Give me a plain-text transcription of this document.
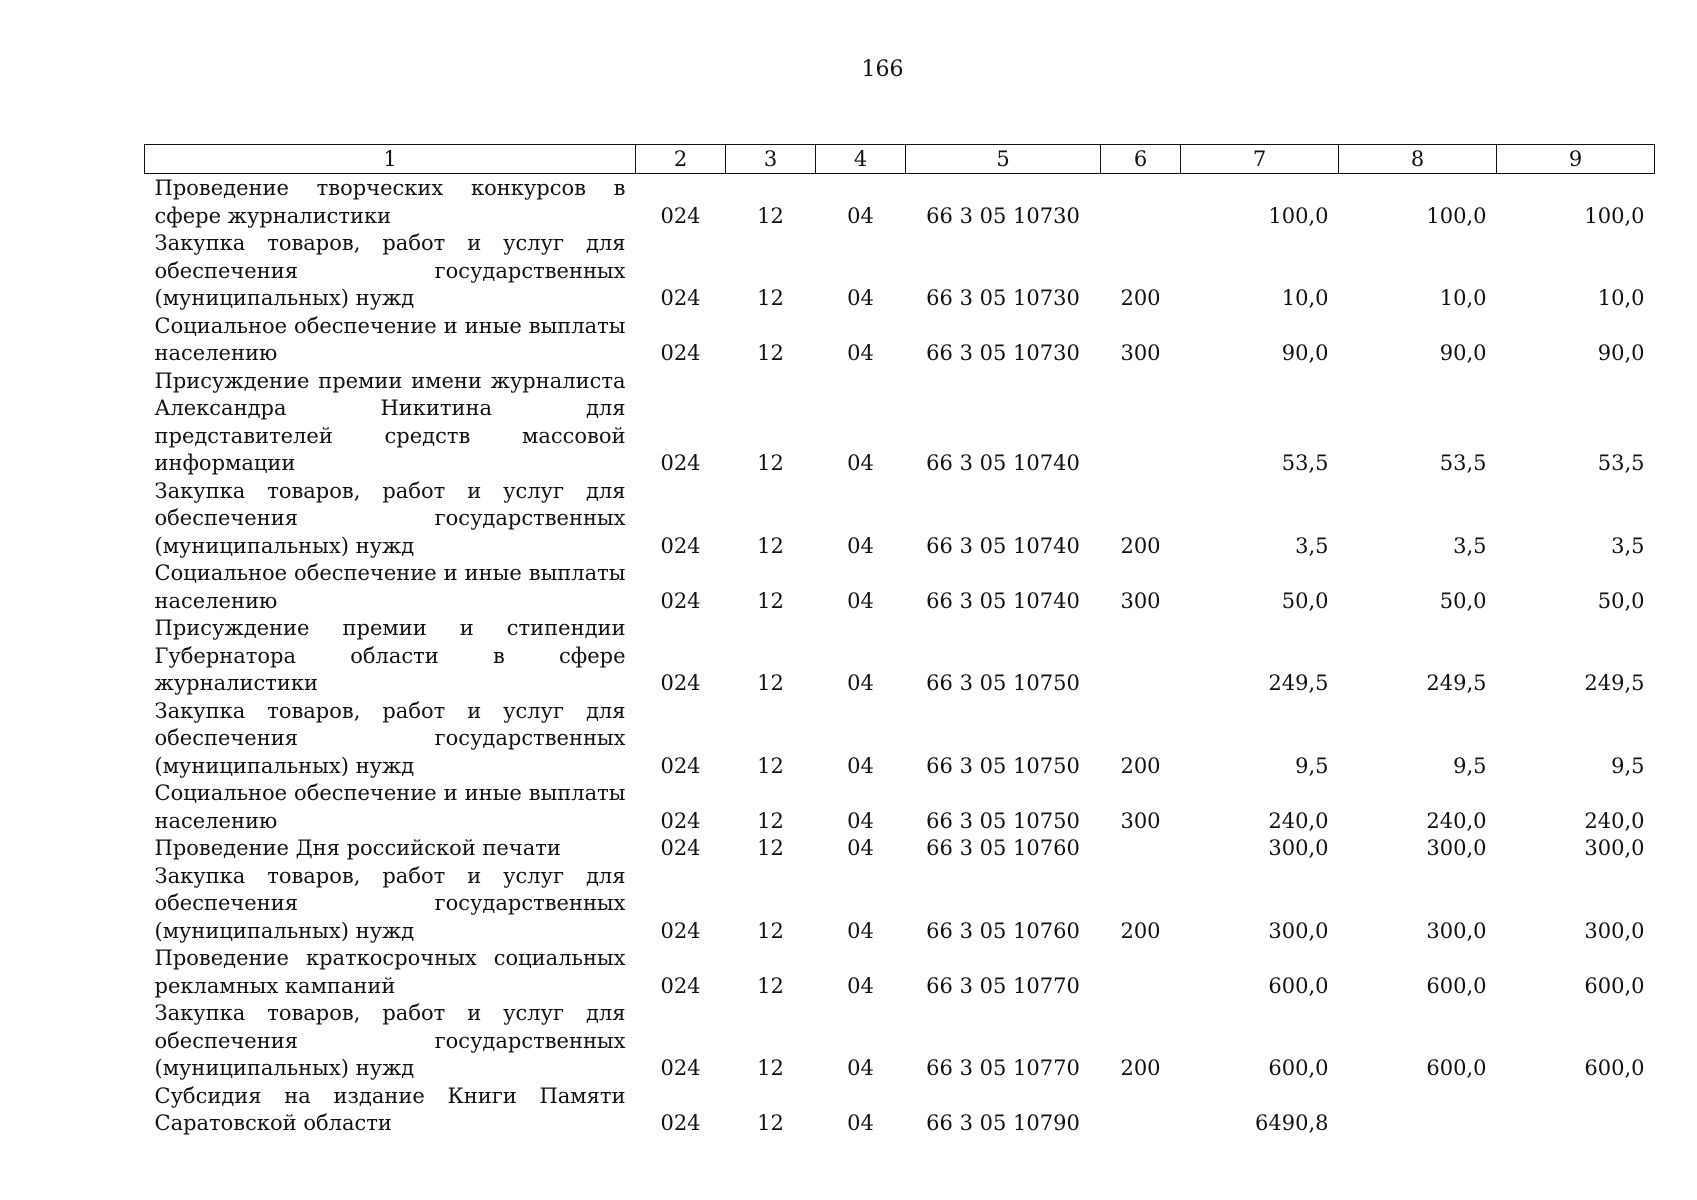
166
1	2	3	4	5	6	7	8	9
Проведение творческих конкурсов в сфере журналистики	024	12	04	66 3 05 10730		100,0	100,0	100,0
Закупка товаров, работ и услуг для обеспечения государственных (муниципальных) нужд	024	12	04	66 3 05 10730	200	10,0	10,0	10,0
Социальное обеспечение и иные выплаты населению	024	12	04	66 3 05 10730	300	90,0	90,0	90,0
Присуждение премии имени журналиста Александра Никитина для представителей средств массовой информации	024	12	04	66 3 05 10740		53,5	53,5	53,5
Закупка товаров, работ и услуг для обеспечения государственных (муниципальных) нужд	024	12	04	66 3 05 10740	200	3,5	3,5	3,5
Социальное обеспечение и иные выплаты населению	024	12	04	66 3 05 10740	300	50,0	50,0	50,0
Присуждение премии и стипендии Губернатора области в сфере журналистики	024	12	04	66 3 05 10750		249,5	249,5	249,5
Закупка товаров, работ и услуг для обеспечения государственных (муниципальных) нужд	024	12	04	66 3 05 10750	200	9,5	9,5	9,5
Социальное обеспечение и иные выплаты населению	024	12	04	66 3 05 10750	300	240,0	240,0	240,0
Проведение Дня российской печати	024	12	04	66 3 05 10760		300,0	300,0	300,0
Закупка товаров, работ и услуг для обеспечения государственных (муниципальных) нужд	024	12	04	66 3 05 10760	200	300,0	300,0	300,0
Проведение краткосрочных социальных рекламных кампаний	024	12	04	66 3 05 10770		600,0	600,0	600,0
Закупка товаров, работ и услуг для обеспечения государственных (муниципальных) нужд	024	12	04	66 3 05 10770	200	600,0	600,0	600,0
Субсидия на издание Книги Памяти Саратовской области	024	12	04	66 3 05 10790		6490,8		
